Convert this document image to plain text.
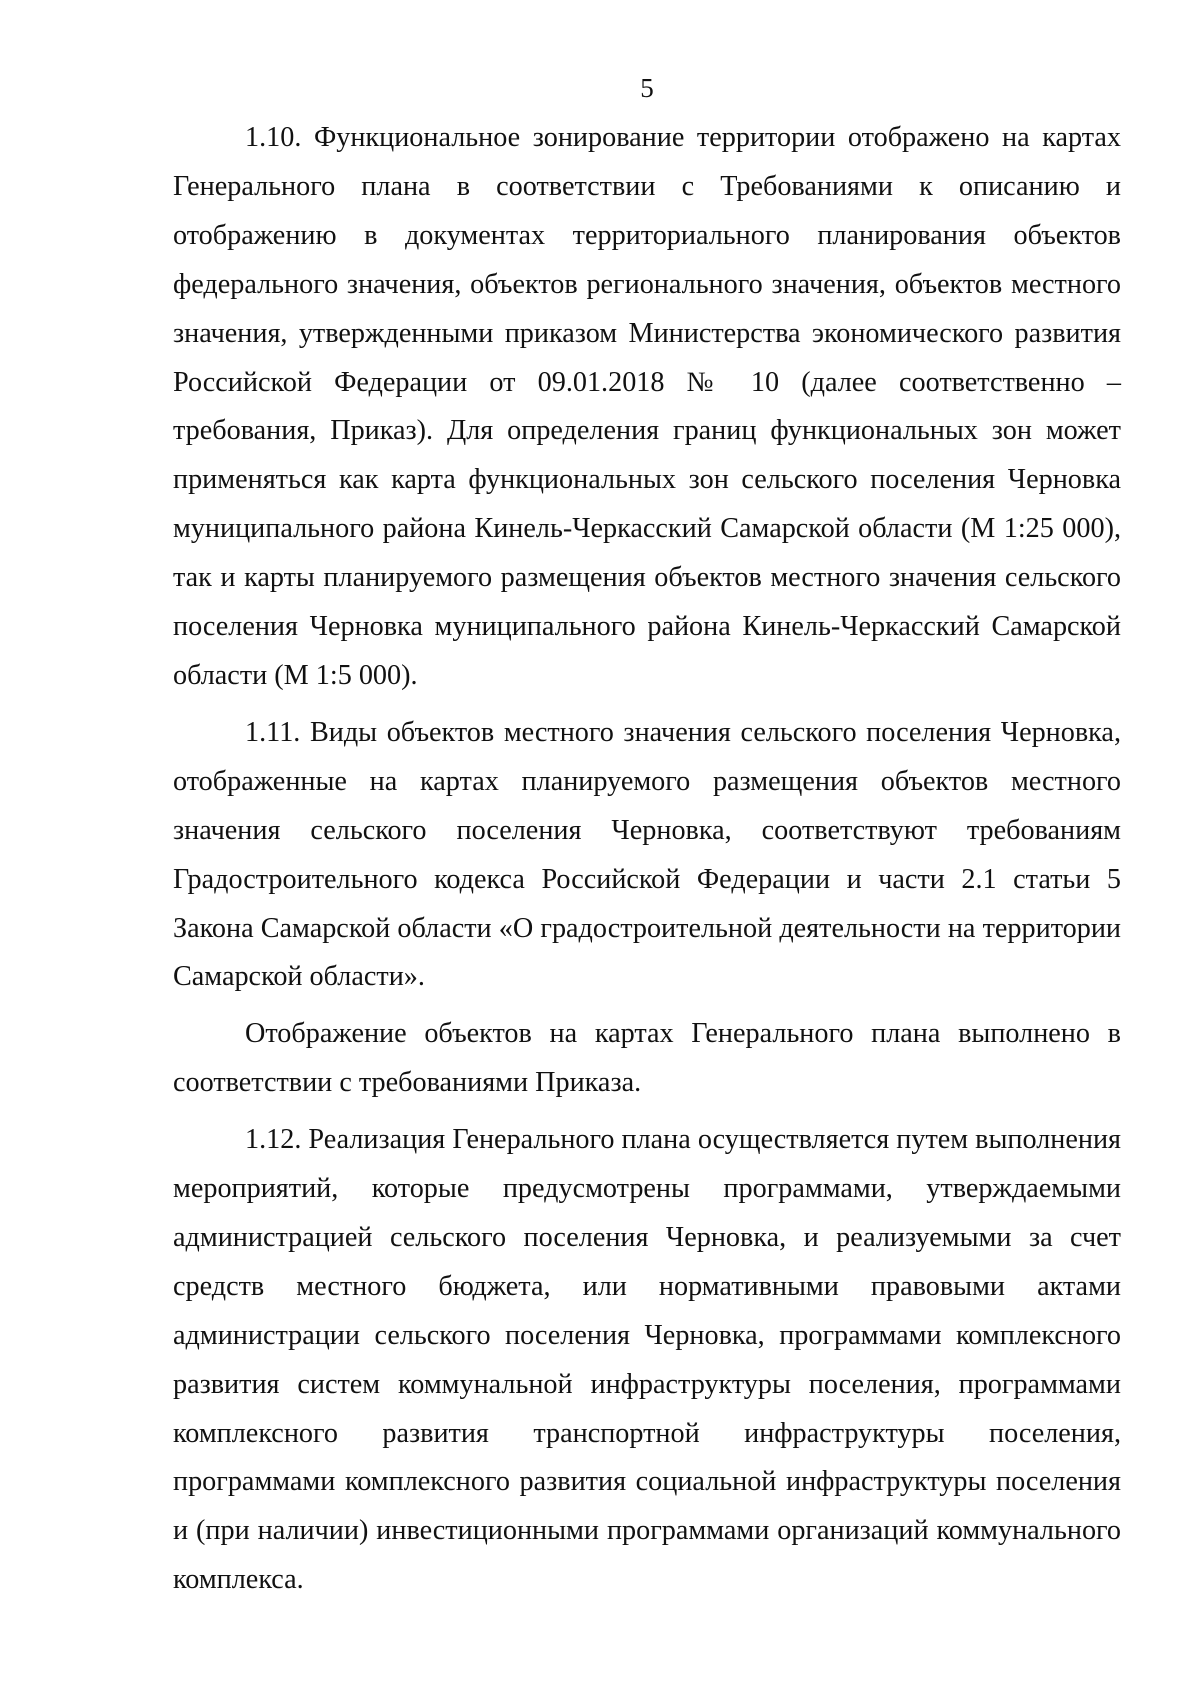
5

1.10. Функциональное зонирование территории отображено на картах Генерального плана в соответствии с Требованиями к описанию и отображению в документах территориального планирования объектов федерального значения, объектов регионального значения, объектов местного значения, утвержденными приказом Министерства экономического развития Российской Федерации от 09.01.2018 № 10 (далее соответственно – требования, Приказ). Для определения границ функциональных зон может применяться как карта функциональных зон сельского поселения Черновка муниципального района Кинель-Черкасский Самарской области (М 1:25 000), так и карты планируемого размещения объектов местного значения сельского поселения Черновка муниципального района Кинель-Черкасский Самарской области (М 1:5 000).

1.11. Виды объектов местного значения сельского поселения Черновка, отображенные на картах планируемого размещения объектов местного значения сельского поселения Черновка, соответствуют требованиям Градостроительного кодекса Российской Федерации и части 2.1 статьи 5 Закона Самарской области «О градостроительной деятельности на территории Самарской области».

Отображение объектов на картах Генерального плана выполнено в соответствии с требованиями Приказа.

1.12. Реализация Генерального плана осуществляется путем выполнения мероприятий, которые предусмотрены программами, утверждаемыми администрацией сельского поселения Черновка, и реализуемыми за счет средств местного бюджета, или нормативными правовыми актами администрации сельского поселения Черновка, программами комплексного развития систем коммунальной инфраструктуры поселения, программами комплексного развития транспортной инфраструктуры поселения, программами комплексного развития социальной инфраструктуры поселения и (при наличии) инвестиционными программами организаций коммунального комплекса.
